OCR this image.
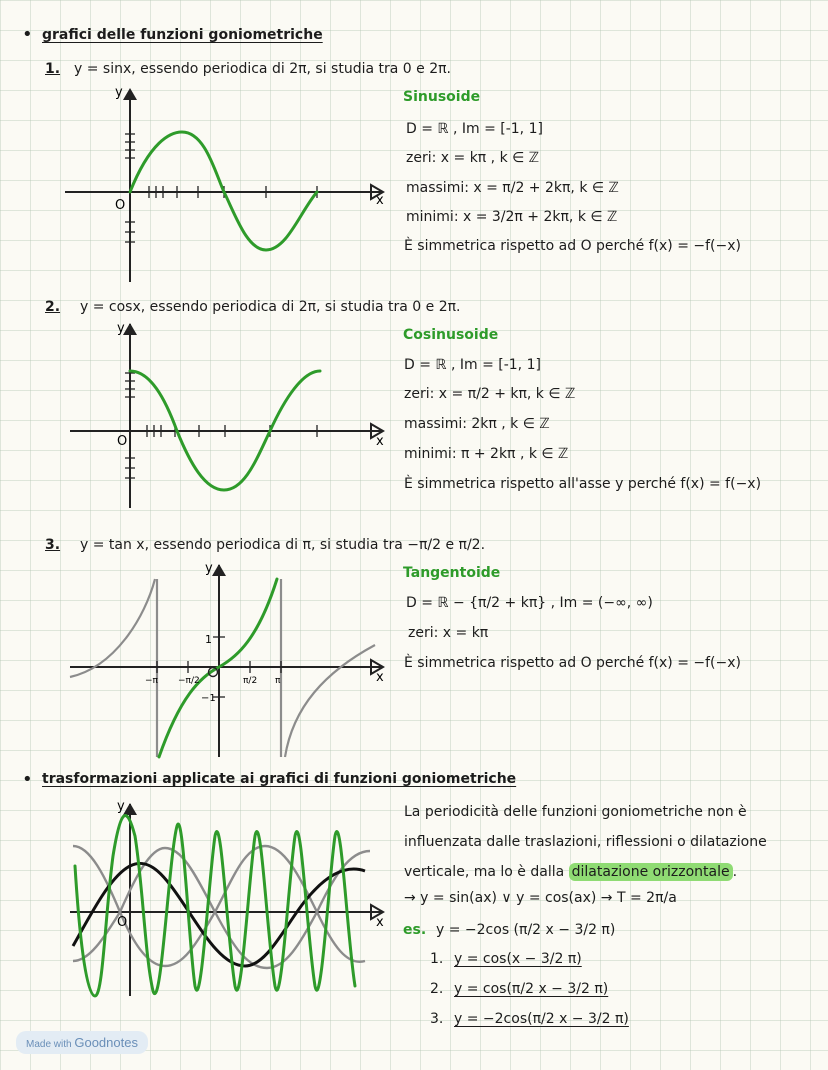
• grafici delle funzioni goniometriche
1. y = sinx, essendo periodica di 2π, si studia tra 0 e 2π.
y
x
O
Sinusoide
D = ℝ , Im = [-1, 1]
zeri: x = kπ , k ∈ ℤ
massimi: x = π/2 + 2kπ, k ∈ ℤ
minimi: x = 3/2π + 2kπ, k ∈ ℤ
È simmetrica rispetto ad O perché f(x) = −f(−x)
2. y = cosx, essendo periodica di 2π, si studia tra 0 e 2π.
y
x
O
Cosinusoide
D = ℝ , Im = [-1, 1]
zeri: x = π/2 + kπ, k ∈ ℤ
massimi: 2kπ , k ∈ ℤ
minimi: π + 2kπ , k ∈ ℤ
È simmetrica rispetto all'asse y perché f(x) = f(−x)
3. y = tan x, essendo periodica di π, si studia tra −π/2 e π/2.
−π −π/2	π/2 π
1
−1
y
x
Tangentoide
D = ℝ − {π/2 + kπ} , Im = (−∞, ∞)
zeri: x = kπ
È simmetrica rispetto ad O perché f(x) = −f(−x)
• trasformazioni applicate ai grafici di funzioni goniometriche
y
x
O
La periodicità delle funzioni goniometriche non è influenzata dalle traslazioni, riflessioni o dilatazione verticale, ma lo è dalla dilatazione orizzontale .
→ y = sin(ax) ∨ y = cos(ax) → T = 2π/a
es. y = −2cos (π/2 x − 3/2 π)
1. y = cos(x − 3/2 π)
2. y = cos(π/2 x − 3/2 π)
3. y = −2cos(π/2 x − 3/2 π)
Made with Goodnotes
